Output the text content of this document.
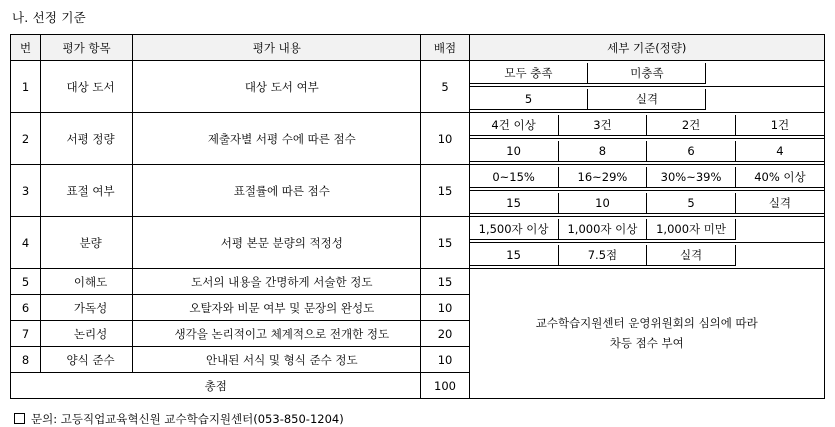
나. 선정 기준
번	평가 항목	평가 내용	배점	세부 기준(정량)
1	대상 도서	대상 도서 여부	5	
모두 충족	미충족	

5	실격	

2	서평 정량	제출자별 서평 수에 따른 점수	10	
4건 이상	3건	2건	1건

10	8	6	4

3	표절 여부	표절률에 따른 점수	15	
0~15%	16~29%	30%~39%	40% 이상

15	10	5	실격

4	분량	서평 본문 분량의 적정성	15	
1,500자 이상	1,000자 이상	1,000자 미만	

15	7.5점	실격	

5	이해도	도서의 내용을 간명하게 서술한 정도	15	
교수학습지원센터 운영위원회의 심의에 따라
차등 점수 부여

6	가독성	오탈자와 비문 여부 및 문장의 완성도	10
7	논리성	생각을 논리적이고 체계적으로 전개한 정도	20
8	양식 준수	안내된 서식 및 형식 준수 정도	10
총점	100
문의: 고등직업교육혁신원 교수학습지원센터(053-850-1204)
